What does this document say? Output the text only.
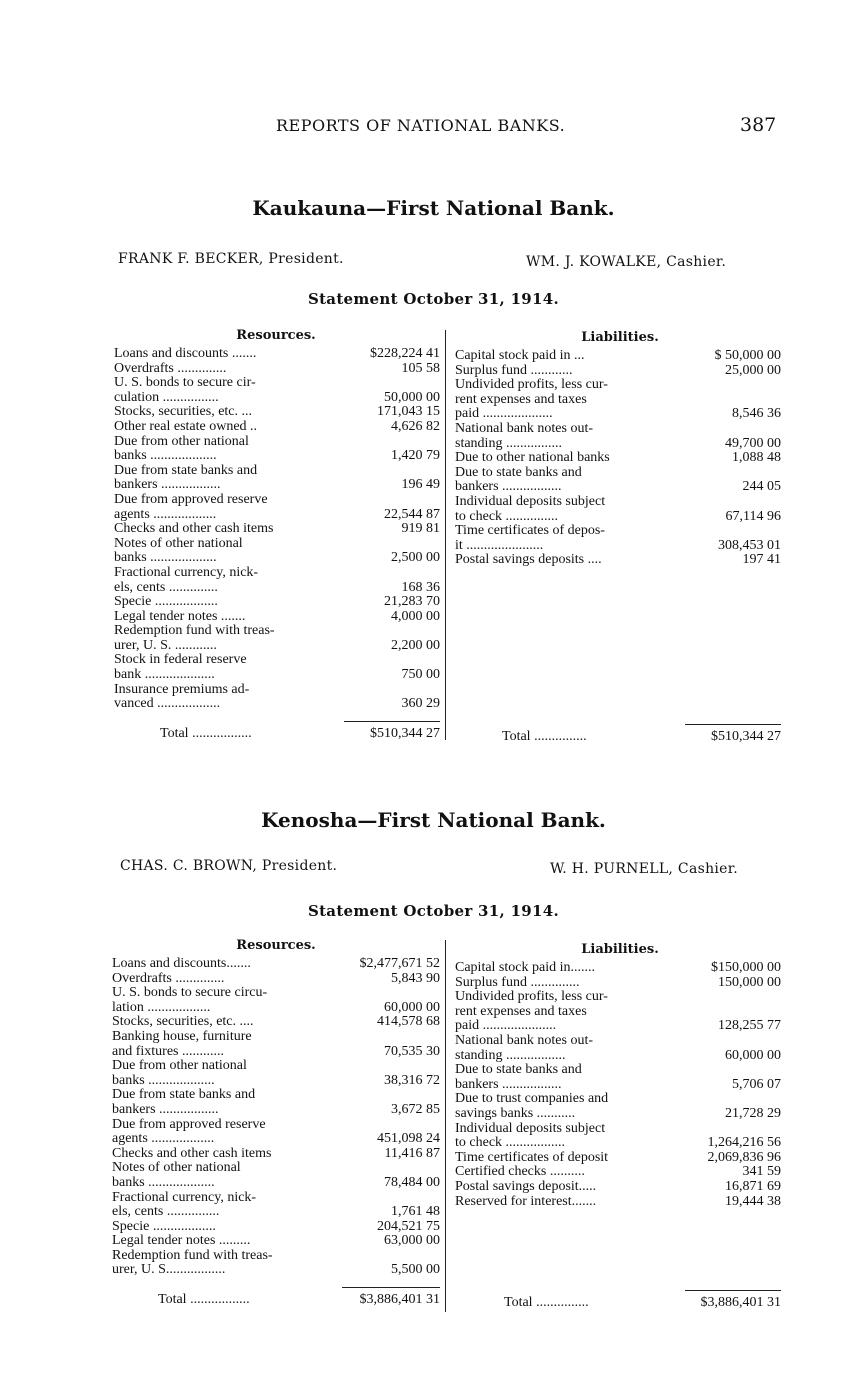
REPORTS OF NATIONAL BANKS.	387
Kaukauna—First National Bank.
FRANK F. BECKER, President.	WM. J. KOWALKE, Cashier.
Statement October 31, 1914.
Resources.	Liabilities.
Loans and discounts .......	$228,224 41
Overdrafts ..............	105 58
U. S. bonds to secure cir-
culation ................	50,000 00
Stocks, securities, etc. ...	171,043 15
Other real estate owned ..	4,626 82
Due from other national
banks ...................	1,420 79
Due from state banks and
bankers .................	196 49
Due from approved reserve
agents ..................	22,544 87
Checks and other cash items	919 81
Notes of other national
banks ...................	2,500 00
Fractional currency, nick-
els, cents ..............	168 36
Specie ..................	21,283 70
Legal tender notes .......	4,000 00
Redemption fund with treas-
urer, U. S. ............	2,200 00
Stock in federal reserve
bank ....................	750 00
Insurance premiums ad-
vanced ..................	360 29
Capital stock paid in ...	$ 50,000 00
Surplus fund ............	25,000 00
Undivided profits, less cur-
rent expenses and taxes
paid ....................	8,546 36
National bank notes out-
standing ................	49,700 00
Due to other national banks	1,088 48
Due to state banks and
bankers .................	244 05
Individual deposits subject
to check ...............	67,114 96
Time certificates of depos-
it ......................	308,453 01
Postal savings deposits ....	197 41
Total .................	$510,344 27	Total ...............	$510,344 27
Kenosha—First National Bank.
CHAS. C. BROWN, President.	W. H. PURNELL, Cashier.
Statement October 31, 1914.
Resources.	Liabilities.
Loans and discounts.......	$2,477,671 52
Overdrafts ..............	5,843 90
U. S. bonds to secure circu-
lation ..................	60,000 00
Stocks, securities, etc. ....	414,578 68
Banking house, furniture
and fixtures ............	70,535 30
Due from other national
banks ...................	38,316 72
Due from state banks and
bankers .................	3,672 85
Due from approved reserve
agents ..................	451,098 24
Checks and other cash items	11,416 87
Notes of other national
banks ...................	78,484 00
Fractional currency, nick-
els, cents ...............	1,761 48
Specie ..................	204,521 75
Legal tender notes .........	63,000 00
Redemption fund with treas-
urer, U. S.................	5,500 00
Capital stock paid in.......	$150,000 00
Surplus fund ..............	150,000 00
Undivided profits, less cur-
rent expenses and taxes
paid .....................	128,255 77
National bank notes out-
standing .................	60,000 00
Due to state banks and
bankers .................	5,706 07
Due to trust companies and
savings banks ...........	21,728 29
Individual deposits subject
to check .................	1,264,216 56
Time certificates of deposit	2,069,836 96
Certified checks ..........	341 59
Postal savings deposit.....	16,871 69
Reserved for interest.......	19,444 38
Total .................	$3,886,401 31	Total ...............	$3,886,401 31
